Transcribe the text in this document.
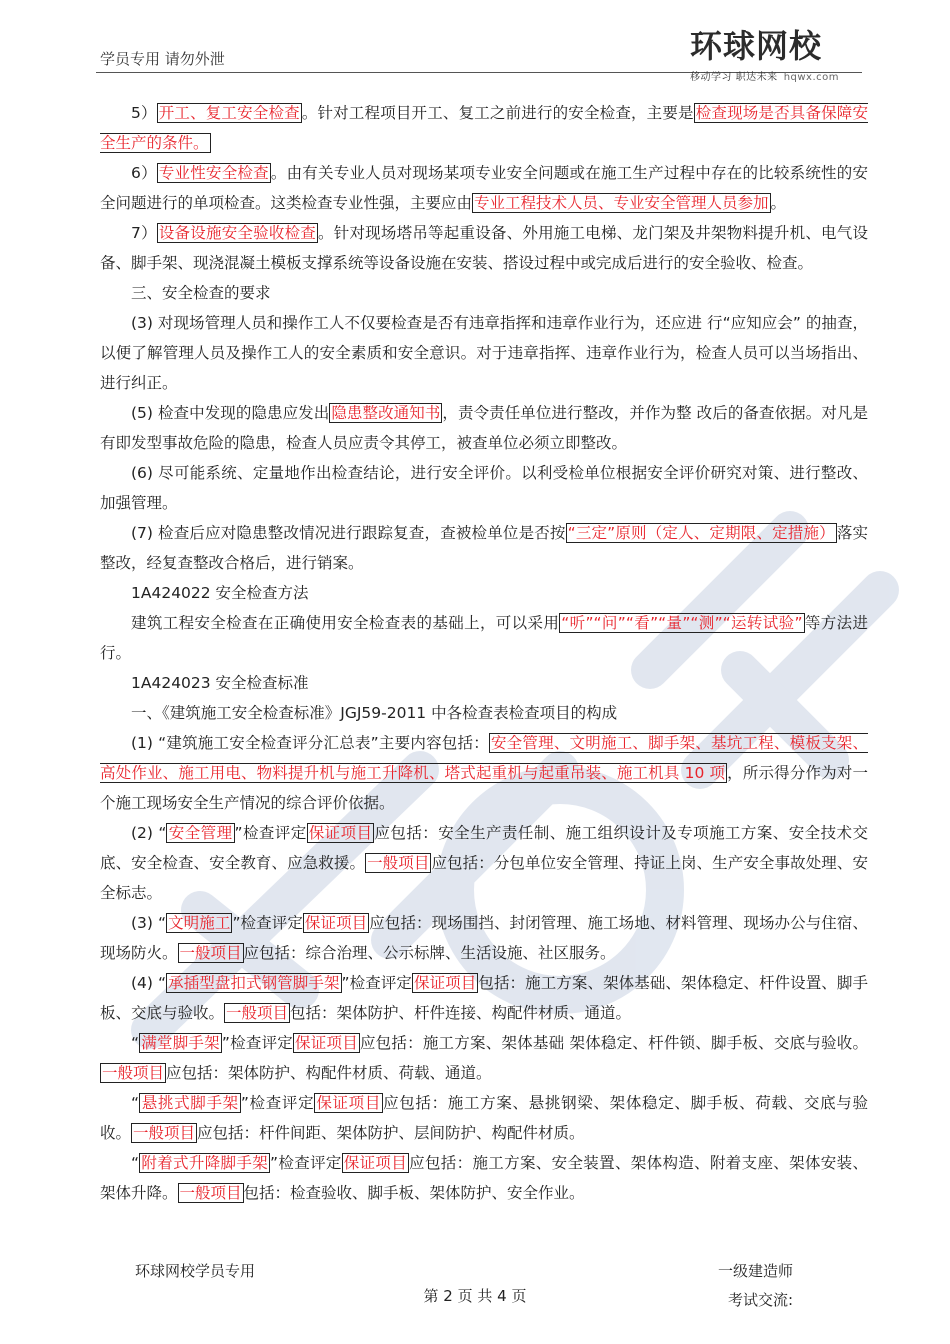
学员专用 请勿外泄	环球网校
移动学习 职达未来 hqwx.com

5） 开工、复工安全检查 。针对工程项目开工、复工之前进行的安全检查，主要是 检查现场是否具备保障安全生产的条件。

6） 专业性安全检查 。由有关专业人员对现场某项专业安全问题或在施工生产过程中存在的比较系统性的安全问题进行的单项检查。这类检查专业性强，主要应由 专业工程技术人员、专业安全管理人员参加 。

7） 设备设施安全验收检查 。针对现场塔吊等起重设备、外用施工电梯、龙门架及井架物料提升机、电气设备、脚手架、现浇混凝土模板支撑系统等设备设施在安装、搭设过程中或完成后进行的安全验收、检查。

三、安全检查的要求

(3) 对现场管理人员和操作工人不仅要检查是否有违章指挥和违章作业行为，还应进 行“应知应会” 的抽查，以便了解管理人员及操作工人的安全素质和安全意识。对于违章指挥、违章作业行为，检查人员可以当场指出、进行纠正。

(5) 检查中发现的隐患应发出 隐患整改通知书 ，责令责任单位进行整改，并作为整 改后的备查依据。对凡是有即发型事故危险的隐患，检查人员应责令其停工，被查单位必须立即整改。

(6) 尽可能系统、定量地作出检查结论，进行安全评价。以利受检单位根据安全评价研究对策、进行整改、加强管理。

(7) 检查后应对隐患整改情况进行跟踪复查，查被检单位是否按 “三定”原则（定人、定期限、定措施） 落实整改，经复查整改合格后，进行销案。

1A424022 安全检查方法

建筑工程安全检查在正确使用安全检查表的基础上，可以采用 “听”“问”“看”“量”“测”“运转试验” 等方法进行。

1A424023 安全检查标准

一、《建筑施工安全检查标准》JGJ59-2011 中各检查表检查项目的构成

(1) “建筑施工安全检查评分汇总表”主要内容包括： 安全管理、文明施工、脚手架、基坑工程、模板支架、高处作业、施工用电、物料提升机与施工升降机、塔式起重机与起重吊装、施工机具 10 项 ，所示得分作为对一个施工现场安全生产情况的综合评价依据。

(2) “ 安全管理 ”检查评定 保证项目 应包括：安全生产责任制、施工组织设计及专项施工方案、安全技术交底、安全检查、安全教育、应急救援。 一般项目 应包括：分包单位安全管理、持证上岗、生产安全事故处理、安全标志。

(3) “ 文明施工 ”检查评定 保证项目 应包括：现场围挡、封闭管理、施工场地、材料管理、现场办公与住宿、现场防火。 一般项目 应包括：综合治理、公示标牌、生活设施、社区服务。

(4) “ 承插型盘扣式钢管脚手架 ”检查评定 保证项目 包括：施工方案、架体基础、架体稳定、杆件设置、脚手板、交底与验收。 一般项目 包括：架体防护、杆件连接、构配件材质、通道。

“ 满堂脚手架 ”检查评定 保证项目 应包括：施工方案、架体基础 架体稳定、杆件锁、脚手板、交底与验收。一般项目 应包括：架体防护、构配件材质、荷载、通道。

“ 悬挑式脚手架 ”检查评定 保证项目 应包括：施工方案、悬挑钢梁、架体稳定、脚手板、荷载、交底与验收。 一般项目 应包括：杆件间距、架体防护、层间防护、构配件材质。

“ 附着式升降脚手架 ”检查评定 保证项目 应包括：施工方案、安全装置、架体构造、附着支座、架体安装、架体升降。 一般项目 包括：检查验收、脚手板、架体防护、安全作业。

环球网校学员专用
第 2 页 共 4 页
一级建造师
考试交流:
